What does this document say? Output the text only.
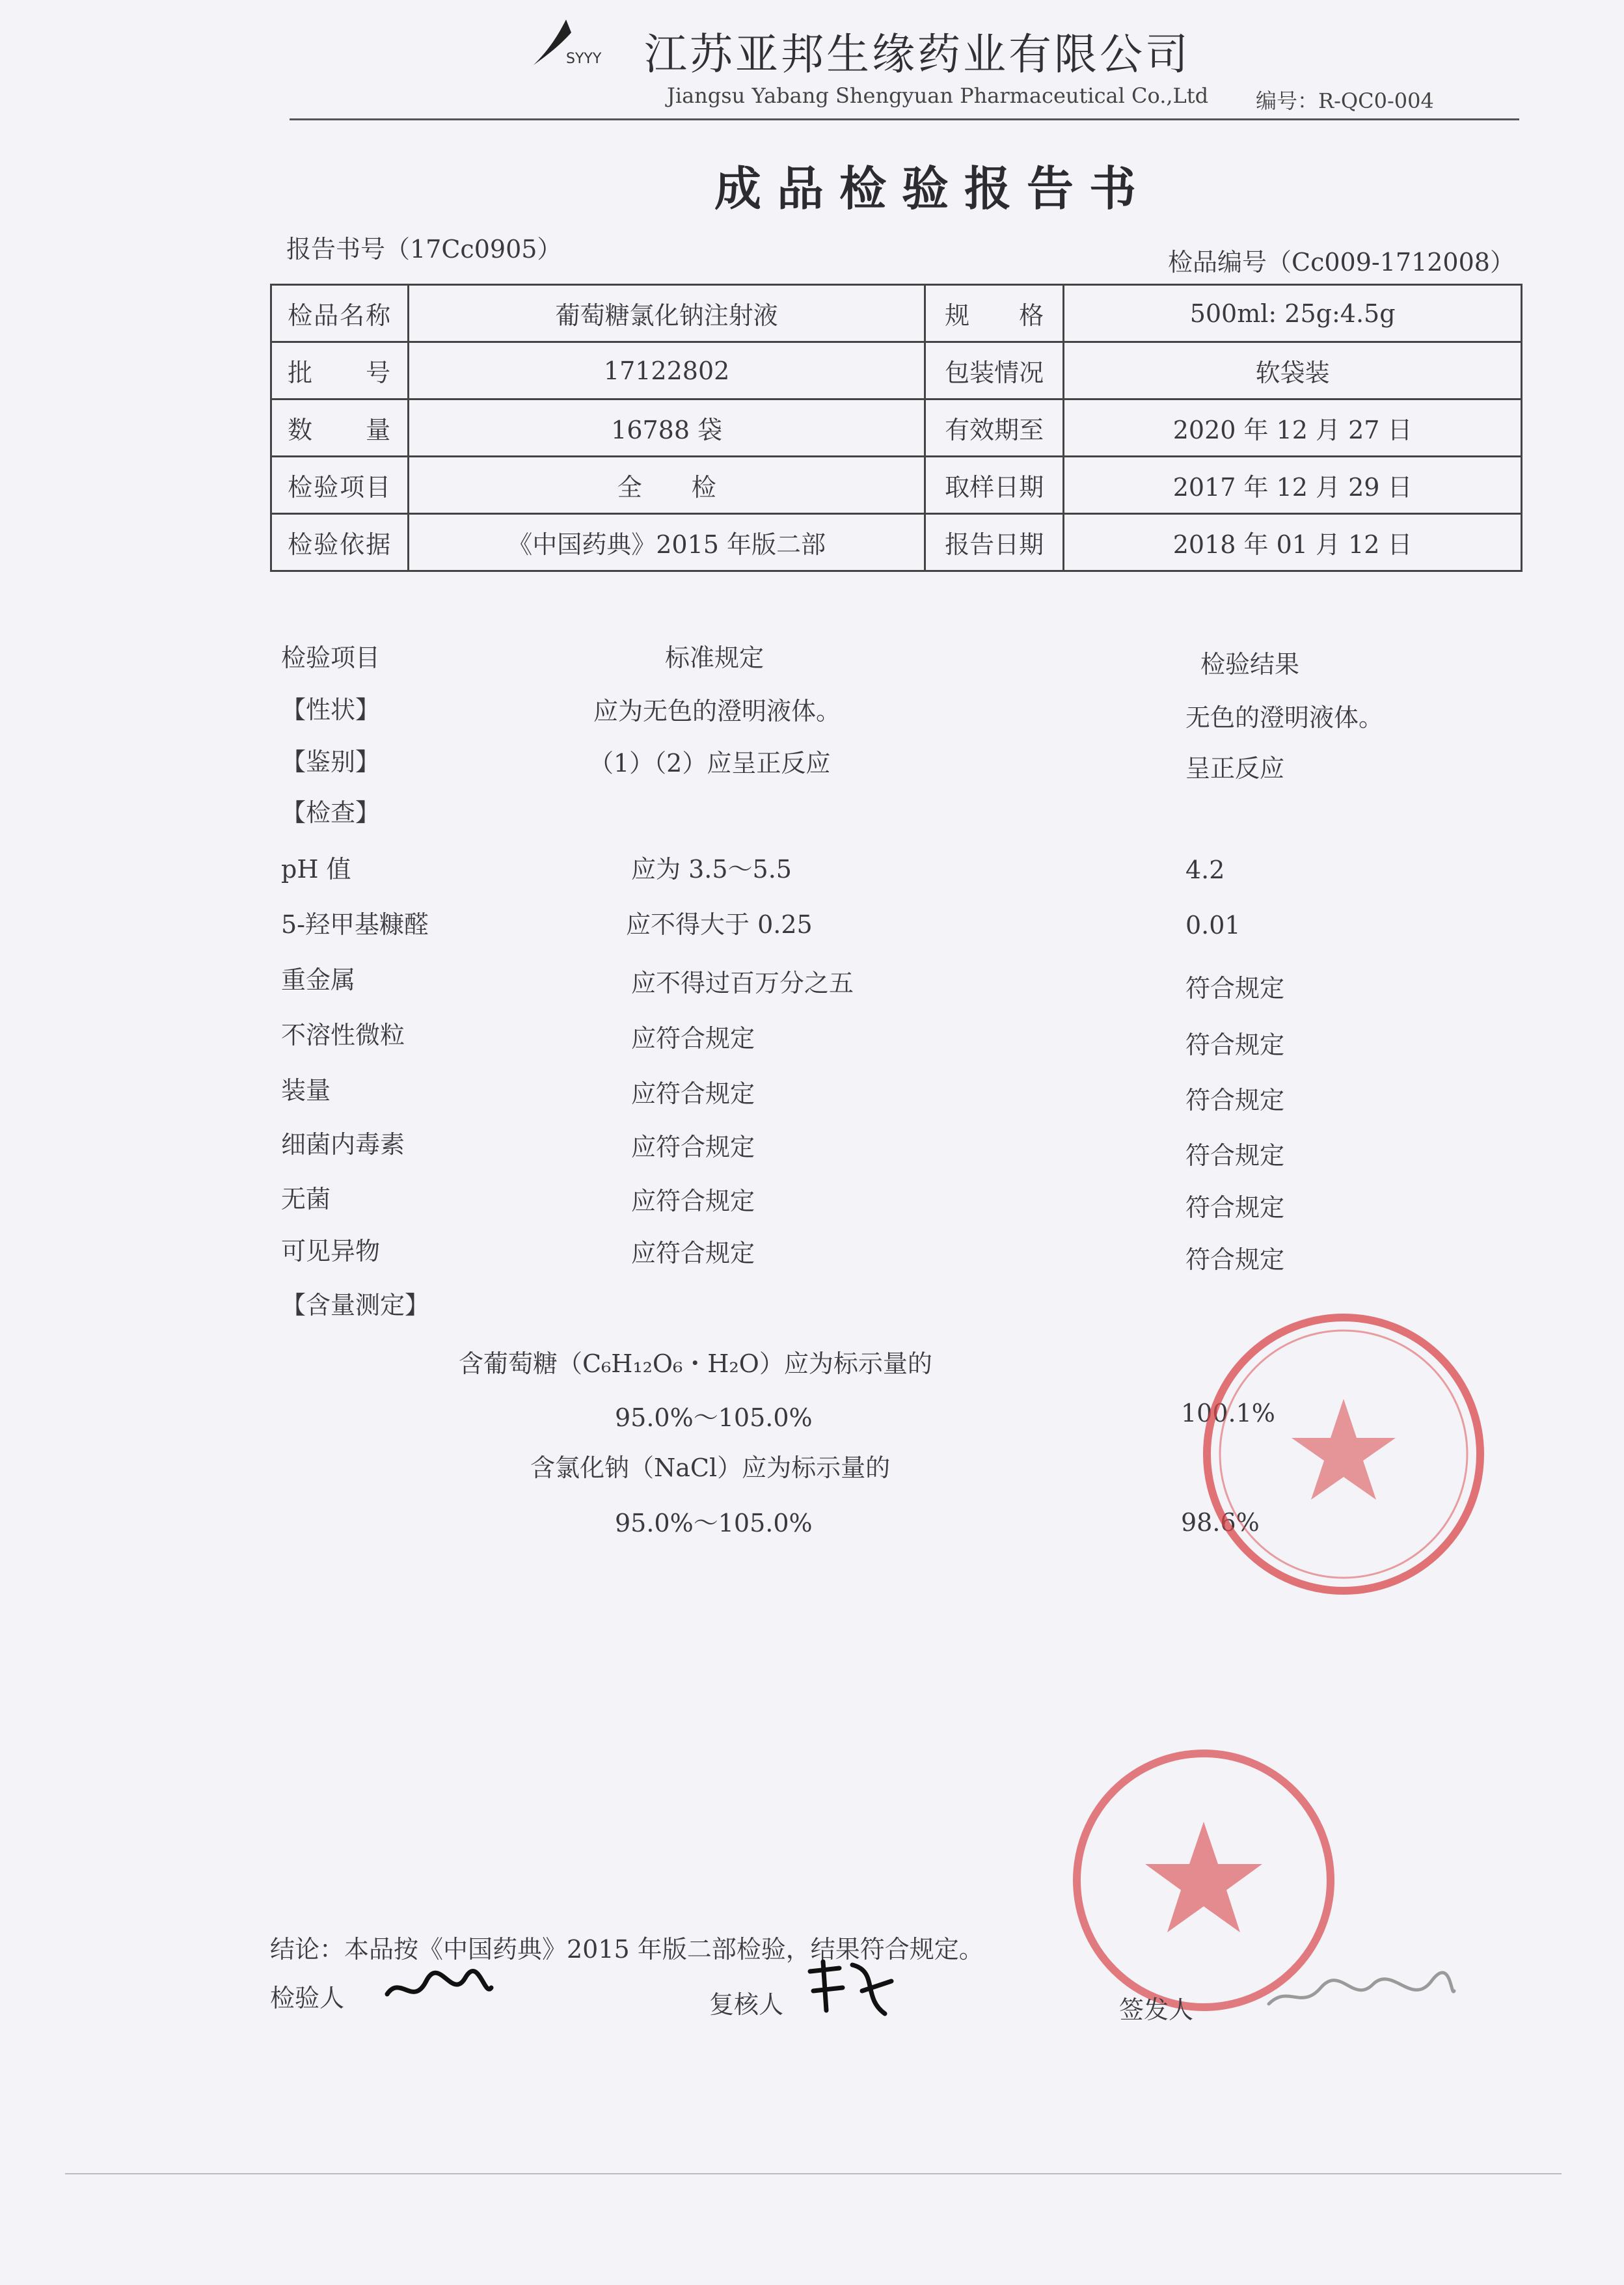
SYYY 江苏亚邦生缘药业有限公司
Jiangsu Yabang Shengyuan Pharmaceutical Co.,Ltd 编号：R-QC0-004
成品检验报告书
报告书号（17Cc0905）	检品编号（Cc009-1712008）
检品名称	葡萄糖氯化钠注射液	规　　格	500ml: 25g:4.5g
批　　号	17122802	包装情况	软袋装
数　　量	16788 袋	有效期至	2020 年 12 月 27 日
检验项目	全　　检	取样日期	2017 年 12 月 29 日
检验依据	《中国药典》2015 年版二部	报告日期	2018 年 01 月 12 日
检验项目	标准规定	检验结果
【性状】	应为无色的澄明液体。	无色的澄明液体。
【鉴别】	（1）（2）应呈正反应	呈正反应
【检查】
pH 值	应为 3.5～5.5	4.2
5-羟甲基糠醛	应不得大于 0.25	0.01
重金属	应不得过百万分之五	符合规定
不溶性微粒	应符合规定	符合规定
装量	应符合规定	符合规定
细菌内毒素	应符合规定	符合规定
无菌	应符合规定	符合规定
可见异物	应符合规定	符合规定
【含量测定】
含葡萄糖（C₆H₁₂O₆・H₂O）应为标示量的
95.0%～105.0%	100.1%
含氯化钠（NaCl）应为标示量的
95.0%～105.0%	98.6%
结论：本品按《中国药典》2015 年版二部检验，结果符合规定。
检验人	复核人	签发人
